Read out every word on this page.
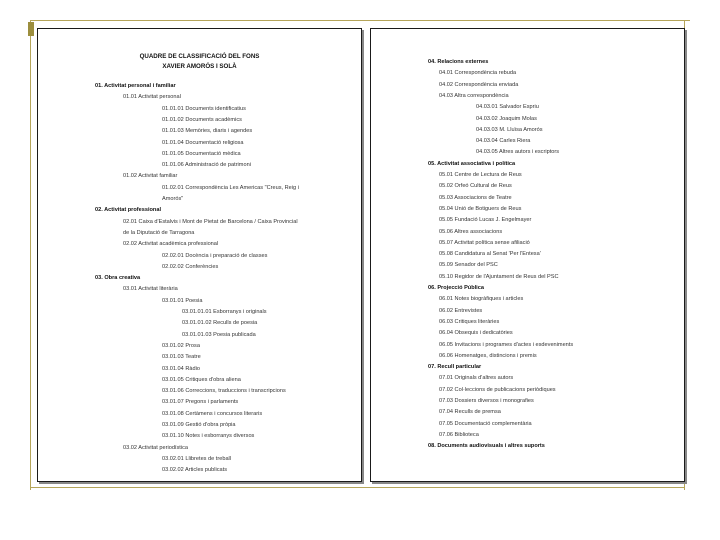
QUADRE DE CLASSIFICACIÓ DEL FONS
XAVIER AMORÓS I SOLÀ
01. Activitat personal i familiar
01.01 Activitat personal
01.01.01 Documents identificatius
01.01.02 Documents acadèmics
01.01.03 Memòries, diaris i agendes
01.01.04 Documentació religiosa
01.01.05 Documentació mèdica
01.01.06 Administració de patrimoni
01.02 Activitat familiar
01.02.01 Correspondència Les Americas "Creus, Reig i
Amorós"
02. Activitat professional
02.01 Caixa d'Estalvis i Mont de Pietat de Barcelona / Caixa Provincial
de la Diputació de Tarragona
02.02 Activitat acadèmica professional
02.02.01 Docència i preparació de classes
02.02.02 Conferències
03. Obra creativa
03.01 Activitat literària
03.01.01 Poesia
03.01.01.01 Esborranys i originals
03.01.01.02 Reculls de poesia
03.01.01.03 Poesia publicada
03.01.02 Prosa
03.01.03 Teatre
03.01.04 Ràdio
03.01.05 Critiques d'obra aliena
03.01.06 Correccions, traduccions i transcripcions
03.01.07 Pregons i parlaments
03.01.08 Certàmens i concursos literaris
03.01.09 Gestió d'obra pròpia
03.01.10 Notes i esborranys diversos
03.02 Activitat periodística
03.02.01 Llibretes de treball
03.02.02 Articles publicats
04. Relacions externes
04.01 Correspondència rebuda
04.02 Correspondència enviada
04.03 Altra correspondència
04.03.01 Salvador Espriu
04.03.02 Joaquim Molas
04.03.03 M. Lluïsa Amorós
04.03.04 Carles Riera
04.03.05 Altres autors i escriptors
05. Activitat associativa i política
05.01 Centre de Lectura de Reus
05.02 Orfeó Cultural de Reus
05.03 Associacions de Teatre
05.04 Unió de Botiguers de Reus
05.05 Fundació Lucas J. Engelmayer
05.06 Altres associacions
05.07 Activitat política sense afiliació
05.08 Candidatura al Senat 'Per l'Entesa'
05.09 Senador del PSC
05.10 Regidor de l'Ajuntament de Reus del PSC
06. Projecció Pública
06.01 Notes biogràfiques i articles
06.02 Entrevistes
06.03 Critiques literàries
06.04 Obsequis i dedicatòries
06.05 Invitacions i programes d'actes i esdeveniments
06.06 Homenatges, distincions i premis
07. Recull particular
07.01 Originals d'altres autors
07.02 Col·leccions de publicacions periòdiques
07.03 Dossiers diversos i monografies
07.04 Reculls de premsa
07.05 Documentació complementària
07.06 Biblioteca
08. Documents audiovisuals i altres suports
